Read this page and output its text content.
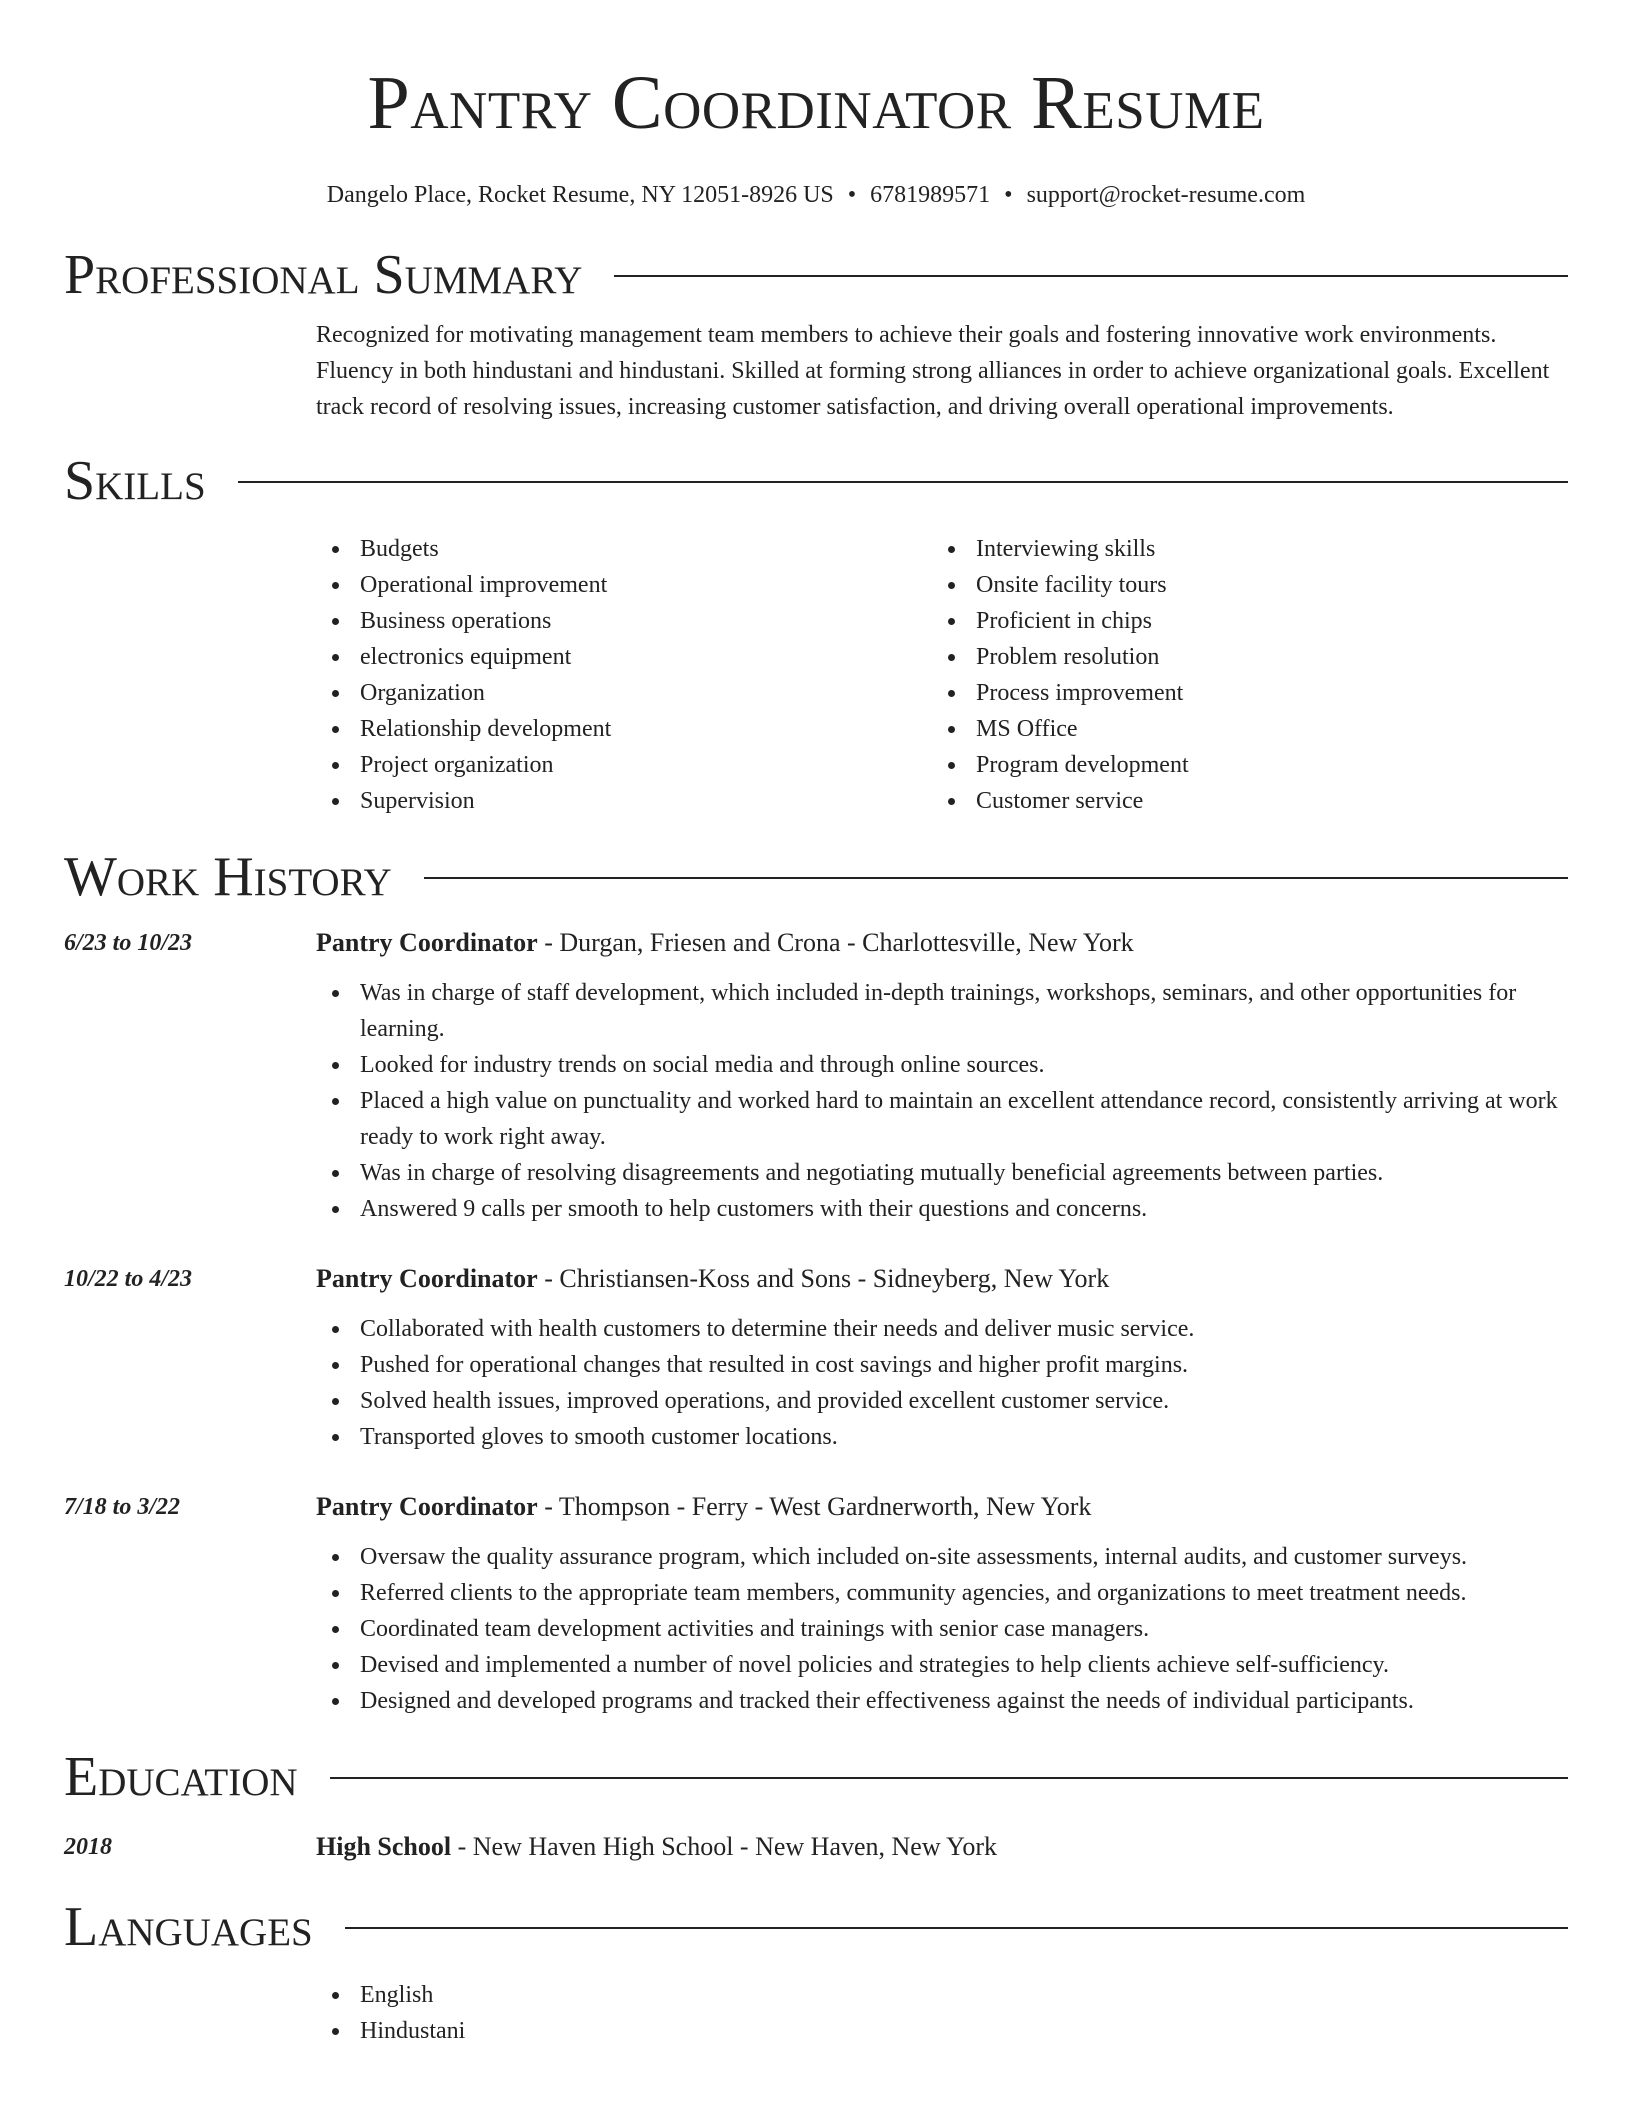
Pantry Coordinator Resume
Dangelo Place, Rocket Resume, NY 12051-8926 US • 6781989571 • support@rocket-resume.com
Professional Summary

Recognized for motivating management team members to achieve their goals and fostering innovative work environments. Fluency in both hindustani and hindustani. Skilled at forming strong alliances in order to achieve organizational goals. Excellent track record of resolving issues, increasing customer satisfaction, and driving overall operational improvements.

Skills
Budgets
Operational improvement
Business operations
electronics equipment
Organization
Relationship development
Project organization
Supervision
Interviewing skills
Onsite facility tours
Proficient in chips
Problem resolution
Process improvement
MS Office
Program development
Customer service
Work History
6/23 to 10/23	Pantry Coordinator - Durgan, Friesen and Crona - Charlottesville, New York
Was in charge of staff development, which included in-depth trainings, workshops, seminars, and other opportunities for learning.
Looked for industry trends on social media and through online sources.
Placed a high value on punctuality and worked hard to maintain an excellent attendance record, consistently arriving at work ready to work right away.
Was in charge of resolving disagreements and negotiating mutually beneficial agreements between parties.
Answered 9 calls per smooth to help customers with their questions and concerns.
10/22 to 4/23	Pantry Coordinator - Christiansen-Koss and Sons - Sidneyberg, New York
Collaborated with health customers to determine their needs and deliver music service.
Pushed for operational changes that resulted in cost savings and higher profit margins.
Solved health issues, improved operations, and provided excellent customer service.
Transported gloves to smooth customer locations.
7/18 to 3/22	Pantry Coordinator - Thompson - Ferry - West Gardnerworth, New York
Oversaw the quality assurance program, which included on-site assessments, internal audits, and customer surveys.
Referred clients to the appropriate team members, community agencies, and organizations to meet treatment needs.
Coordinated team development activities and trainings with senior case managers.
Devised and implemented a number of novel policies and strategies to help clients achieve self-sufficiency.
Designed and developed programs and tracked their effectiveness against the needs of individual participants.
Education
2018	High School - New Haven High School - New Haven, New York
Languages
English
Hindustani
